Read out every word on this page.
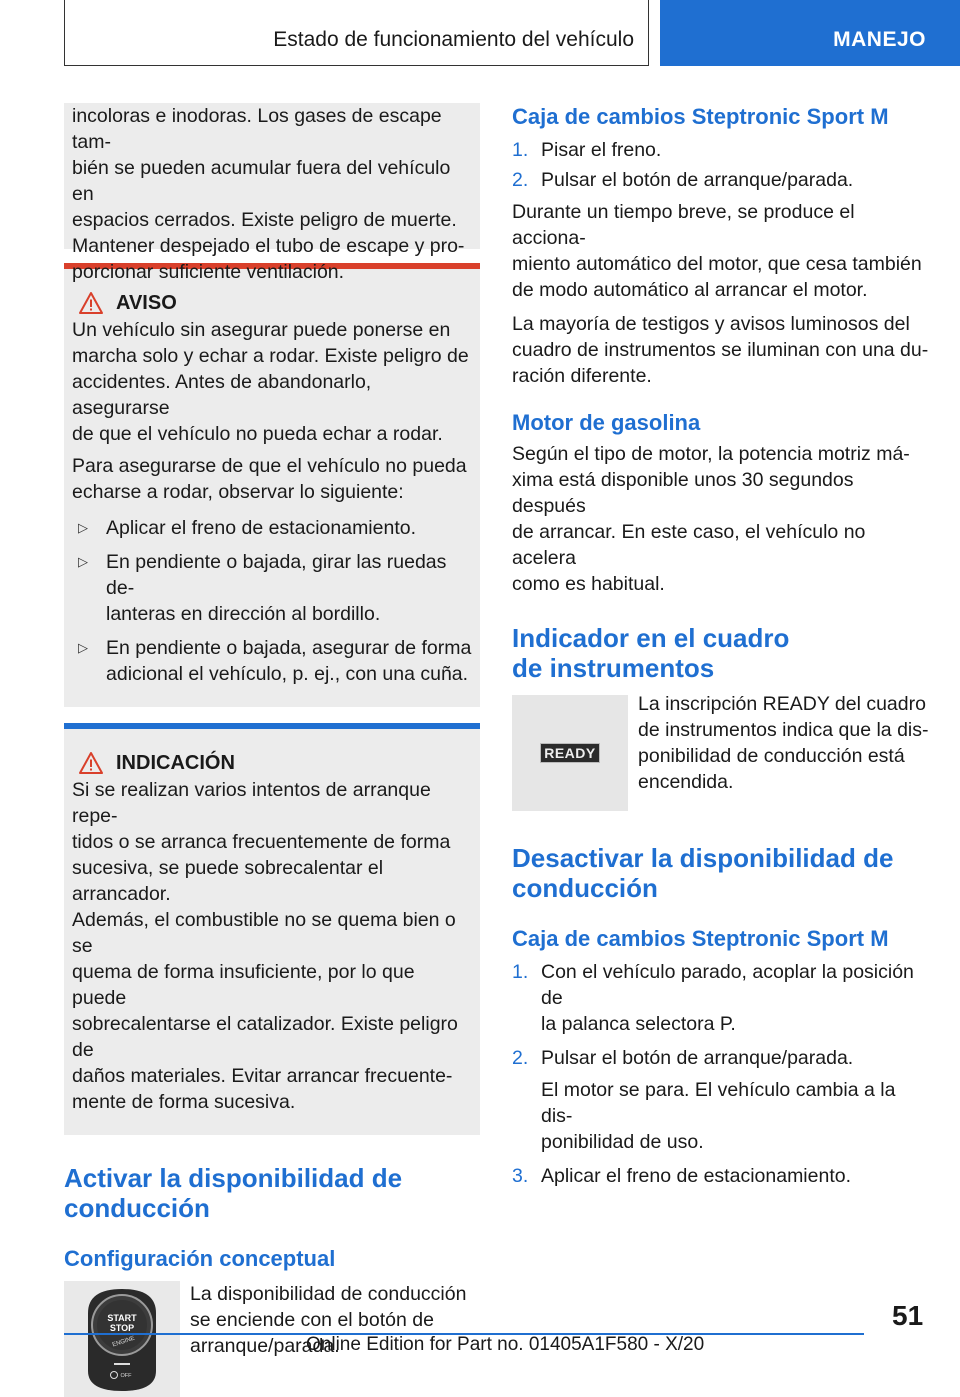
Estado de funcionamiento del vehículo	MANEJO

incoloras e inodoras. Los gases de escape tam-
bién se pueden acumular fuera del vehículo en
espacios cerrados. Existe peligro de muerte.
Mantener despejado el tubo de escape y pro-
porcionar suficiente ventilación.

AVISO

Un vehículo sin asegurar puede ponerse en
marcha solo y echar a rodar. Existe peligro de
accidentes. Antes de abandonarlo, asegurarse
de que el vehículo no pueda echar a rodar.

Para asegurarse de que el vehículo no pueda
echarse a rodar, observar lo siguiente:

▷ Aplicar el freno de estacionamiento.
▷ En pendiente o bajada, girar las ruedas de-
lanteras en dirección al bordillo.
▷ En pendiente o bajada, asegurar de forma
adicional el vehículo, p. ej., con una cuña.
INDICACIÓN

Si se realizan varios intentos de arranque repe-
tidos o se arranca frecuentemente de forma
sucesiva, se puede sobrecalentar el arrancador.
Además, el combustible no se quema bien o se
quema de forma insuficiente, por lo que puede
sobrecalentarse el catalizador. Existe peligro de
daños materiales. Evitar arrancar frecuente-
mente de forma sucesiva.

Activar la disponibilidad de
conducción
Configuración conceptual
START
STOP
ENGINE
OFF

La disponibilidad de conducción
se enciende con el botón de
arranque/parada.

Caja de cambios Steptronic Sport M
1. Pisar el freno.
2. Pulsar el botón de arranque/parada.

Durante un tiempo breve, se produce el acciona-
miento automático del motor, que cesa también
de modo automático al arrancar el motor.

La mayoría de testigos y avisos luminosos del
cuadro de instrumentos se iluminan con una du-
ración diferente.

Motor de gasolina

Según el tipo de motor, la potencia motriz má-
xima está disponible unos 30 segundos después
de arrancar. En este caso, el vehículo no acelera
como es habitual.

Indicador en el cuadro
de instrumentos
READY

La inscripción READY del cuadro
de instrumentos indica que la dis-
ponibilidad de conducción está
encendida.

Desactivar la disponibilidad de
conducción
Caja de cambios Steptronic Sport M
1. Con el vehículo parado, acoplar la posición de
la palanca selectora P.
2. Pulsar el botón de arranque/parada.

El motor se para. El vehículo cambia a la dis-
ponibilidad de uso.

3. Aplicar el freno de estacionamiento.
51
Online Edition for Part no. 01405A1F580 - X/20
